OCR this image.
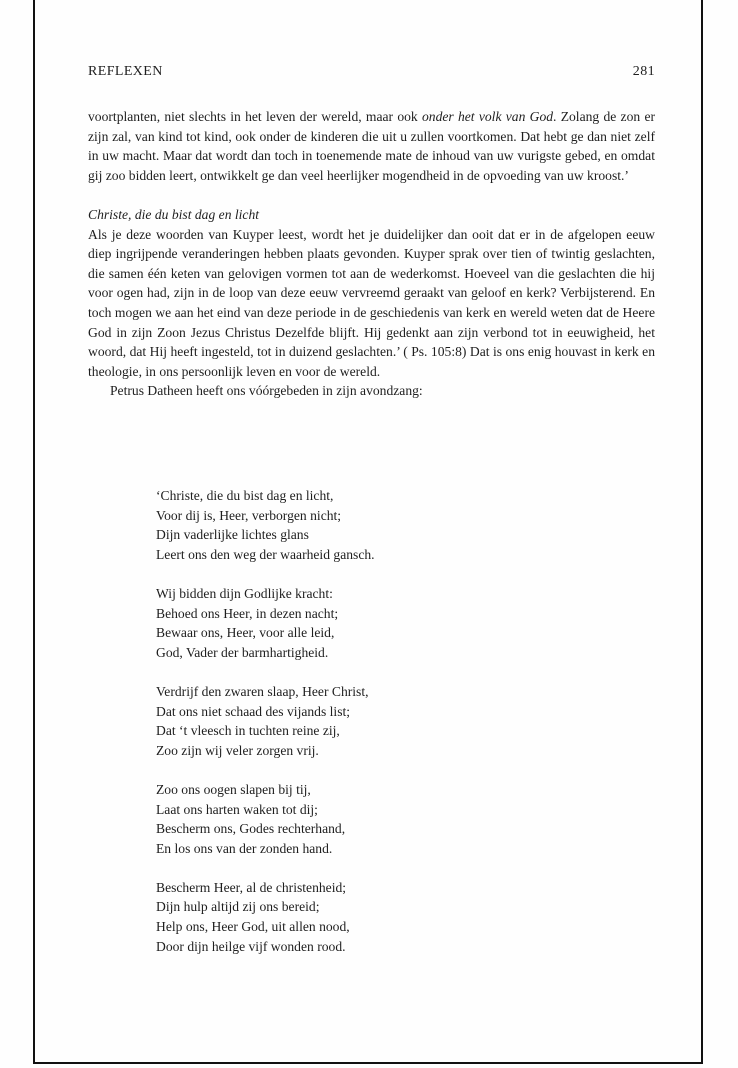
REFLEXEN	281

voortplanten, niet slechts in het leven der wereld, maar ook onder het volk van God. Zolang de zon er zijn zal, van kind tot kind, ook onder de kinderen die uit u zullen voortkomen. Dat hebt ge dan niet zelf in uw macht. Maar dat wordt dan toch in toenemende mate de inhoud van uw vurigste gebed, en omdat gij zoo bidden leert, ontwikkelt ge dan veel heerlijker mogendheid in de opvoeding van uw kroost.’

Christe, die du bist dag en licht

Als je deze woorden van Kuyper leest, wordt het je duidelijker dan ooit dat er in de afgelopen eeuw diep ingrijpende veranderingen hebben plaats gevonden. Kuyper sprak over tien of twintig geslachten, die samen één keten van gelovigen vormen tot aan de wederkomst. Hoeveel van die geslachten die hij voor ogen had, zijn in de loop van deze eeuw vervreemd geraakt van geloof en kerk? Verbijsterend. En toch mogen we aan het eind van deze periode in de geschiedenis van kerk en wereld weten dat de Heere God in zijn Zoon Jezus Christus Dezelfde blijft. Hij gedenkt aan zijn verbond tot in eeuwigheid, het woord, dat Hij heeft ingesteld, tot in duizend geslachten.’ ( Ps. 105:8) Dat is ons enig houvast in kerk en theologie, in ons persoonlijk leven en voor de wereld.

Petrus Datheen heeft ons vóórgebeden in zijn avondzang:

‘Christe, die du bist dag en licht,
Voor dij is, Heer, verborgen nicht;
Dijn vaderlijke lichtes glans
Leert ons den weg der waarheid gansch.
Wij bidden dijn Godlijke kracht:
Behoed ons Heer, in dezen nacht;
Bewaar ons, Heer, voor alle leid,
God, Vader der barmhartigheid.
Verdrijf den zwaren slaap, Heer Christ,
Dat ons niet schaad des vijands list;
Dat ‘t vleesch in tuchten reine zij,
Zoo zijn wij veler zorgen vrij.
Zoo ons oogen slapen bij tij,
Laat ons harten waken tot dij;
Bescherm ons, Godes rechterhand,
En los ons van der zonden hand.
Bescherm Heer, al de christenheid;
Dijn hulp altijd zij ons bereid;
Help ons, Heer God, uit allen nood,
Door dijn heilge vijf wonden rood.
